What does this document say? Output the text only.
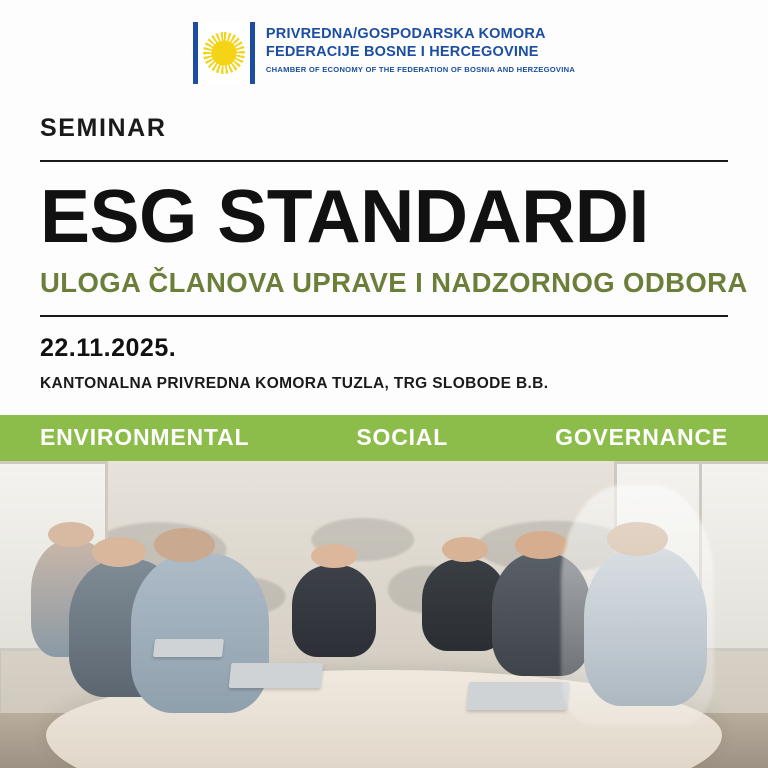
PRIVREDNA/GOSPODARSKA KOMORA
FEDERACIJE BOSNE I HERCEGOVINE
CHAMBER OF ECONOMY OF THE FEDERATION OF BOSNIA AND HERZEGOVINA
SEMINAR
ESG STANDARDI
ULOGA ČLANOVA UPRAVE I NADZORNOG ODBORA
22.11.2025.
KANTONALNA PRIVREDNA KOMORA TUZLA, TRG SLOBODE B.B.
ENVIRONMENTAL	SOCIAL	GOVERNANCE
